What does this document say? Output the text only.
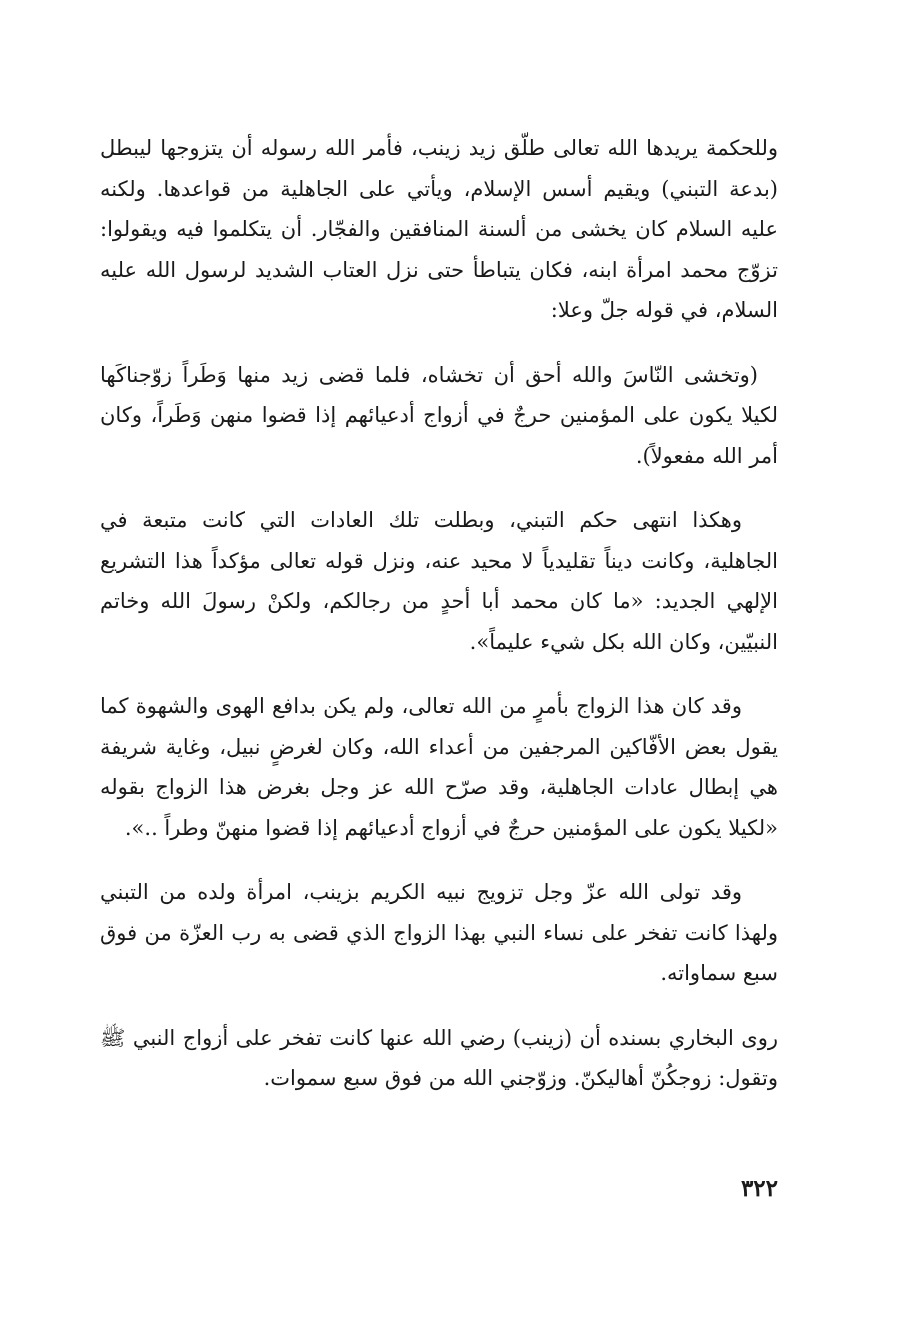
وللحكمة يريدها الله تعالى طلّق زيد زينب، فأمر الله رسوله أن يتزوجها ليبطل (بدعة التبني) ويقيم أسس الإسلام، ويأتي على الجاهلية من قواعدها. ولكنه عليه السلام كان يخشى من ألسنة المنافقين والفجّار. أن يتكلموا فيه ويقولوا: تزوّج محمد امرأة ابنه، فكان يتباطأ حتى نزل العتاب الشديد لرسول الله عليه السلام، في قوله جلّ وعلا:

(وتخشى النّاسَ والله أحق أن تخشاه، فلما قضى زيد منها وَطَراً زوّجناكَها لكيلا يكون على المؤمنين حرجٌ في أزواج أدعيائهم إذا قضوا منهن وَطَراً، وكان أمر الله مفعولاً).

وهكذا انتهى حكم التبني، وبطلت تلك العادات التي كانت متبعة في الجاهلية، وكانت ديناً تقليدياً لا محيد عنه، ونزل قوله تعالى مؤكداً هذا التشريع الإلهي الجديد: «ما كان محمد أبا أحدٍ من رجالكم، ولكنْ رسولَ الله وخاتم النبيّين، وكان الله بكل شيء عليماً».

وقد كان هذا الزواج بأمرٍ من الله تعالى، ولم يكن بدافع الهوى والشهوة كما يقول بعض الأفّاكين المرجفين من أعداء الله، وكان لغرضٍ نبيل، وغاية شريفة هي إبطال عادات الجاهلية، وقد صرّح الله عز وجل بغرض هذا الزواج بقوله «لكيلا يكون على المؤمنين حرجٌ في أزواج أدعيائهم إذا قضوا منهنّ وطراً ..».

وقد تولى الله عزّ وجل تزويج نبيه الكريم بزينب، امرأة ولده من التبني ولهذا كانت تفخر على نساء النبي بهذا الزواج الذي قضى به رب العزّة من فوق سبع سماواته.

روى البخاري بسنده أن (زينب) رضي الله عنها كانت تفخر على أزواج النبي ﷺ وتقول: زوجكُنّ أهاليكنّ. وزوّجني الله من فوق سبع سموات.

٣٢٢
